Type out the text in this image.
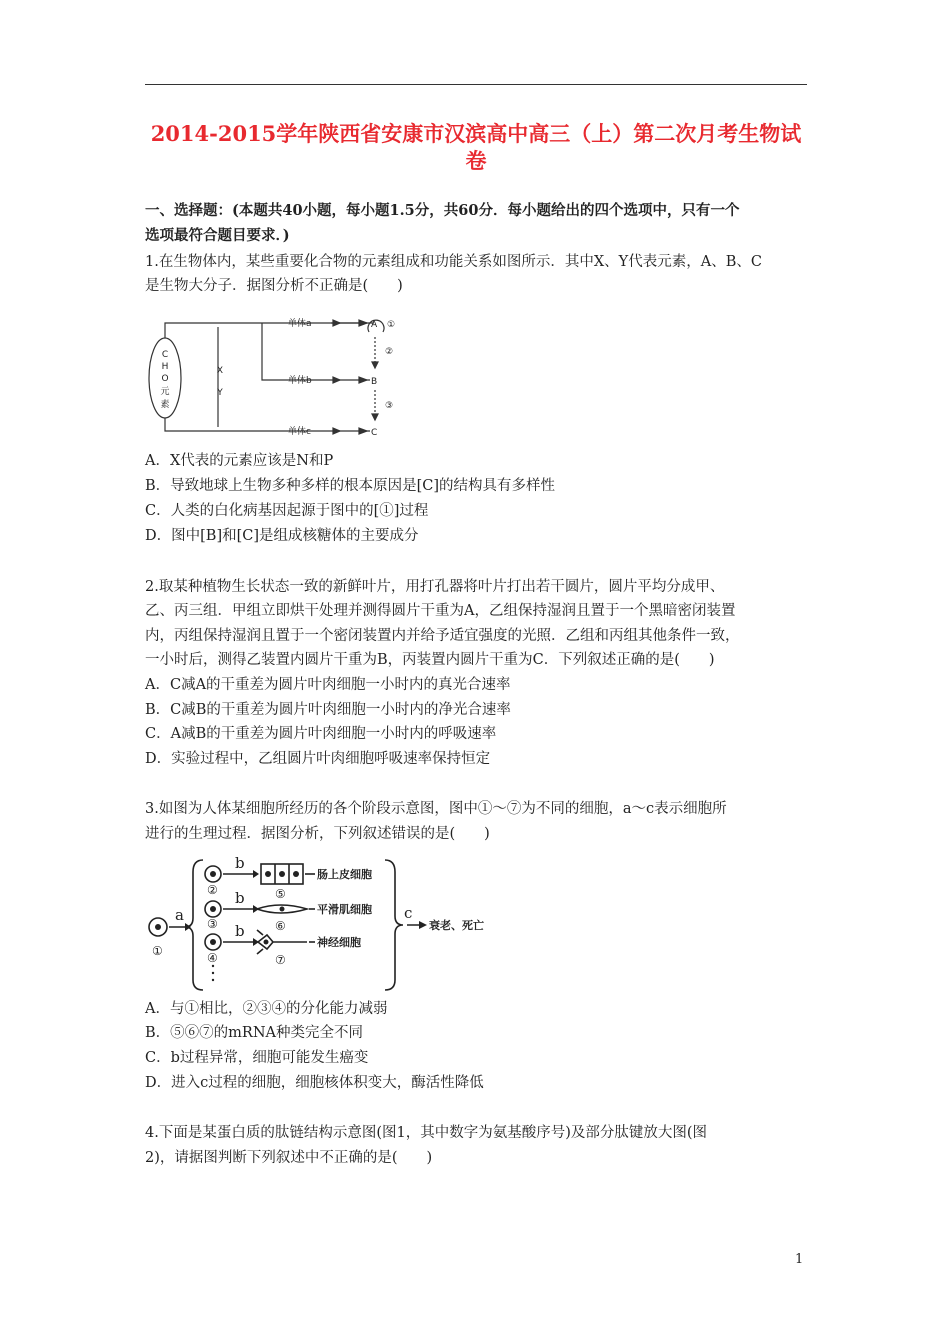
2014-2015学年陕西省安康市汉滨高中高三（上）第二次月考生物试
卷
一、选择题：(本题共40小题，每小题1.5分，共60分．每小题给出的四个选项中，只有一个
选项最符合题目要求．)
1.在生物体内，某些重要化合物的元素组成和功能关系如图所示．其中X、Y代表元素，A、B、C
是生物大分子．据图分析不正确是(　　)
C
H
O
元
素
X
Y
单体a
单体b
单体c
A
B
C
①
②
③
A．X代表的元素应该是N和P
B．导致地球上生物多种多样的根本原因是[C]的结构具有多样性
C．人类的白化病基因起源于图中的[①]过程
D．图中[B]和[C]是组成核糖体的主要成分
2.取某种植物生长状态一致的新鲜叶片，用打孔器将叶片打出若干圆片，圆片平均分成甲、
乙、丙三组．甲组立即烘干处理并测得圆片干重为A，乙组保持湿润且置于一个黑暗密闭装置
内，丙组保持湿润且置于一个密闭装置内并给予适宜强度的光照．乙组和丙组其他条件一致，
一小时后，测得乙装置内圆片干重为B，丙装置内圆片干重为C．下列叙述正确的是(　　)
A．C减A的干重差为圆片叶肉细胞一小时内的真光合速率
B．C减B的干重差为圆片叶肉细胞一小时内的净光合速率
C．A减B的干重差为圆片叶肉细胞一小时内的呼吸速率
D．实验过程中，乙组圆片叶肉细胞呼吸速率保持恒定
3.如图为人体某细胞所经历的各个阶段示意图，图中①～⑦为不同的细胞，a～c表示细胞所
进行的生理过程．据图分析，下列叙述错误的是(　　)
a
b
b
b
c
①
②
③
④
⑤
⑥
⑦
肠上皮细胞
平滑肌细胞
神经细胞
衰老、死亡
A．与①相比，②③④的分化能力减弱
B．⑤⑥⑦的mRNA种类完全不同
C．b过程异常，细胞可能发生癌变
D．进入c过程的细胞，细胞核体积变大，酶活性降低
4.下面是某蛋白质的肽链结构示意图(图1，其中数字为氨基酸序号)及部分肽键放大图(图
2)，请据图判断下列叙述中不正确的是(　　)
1
